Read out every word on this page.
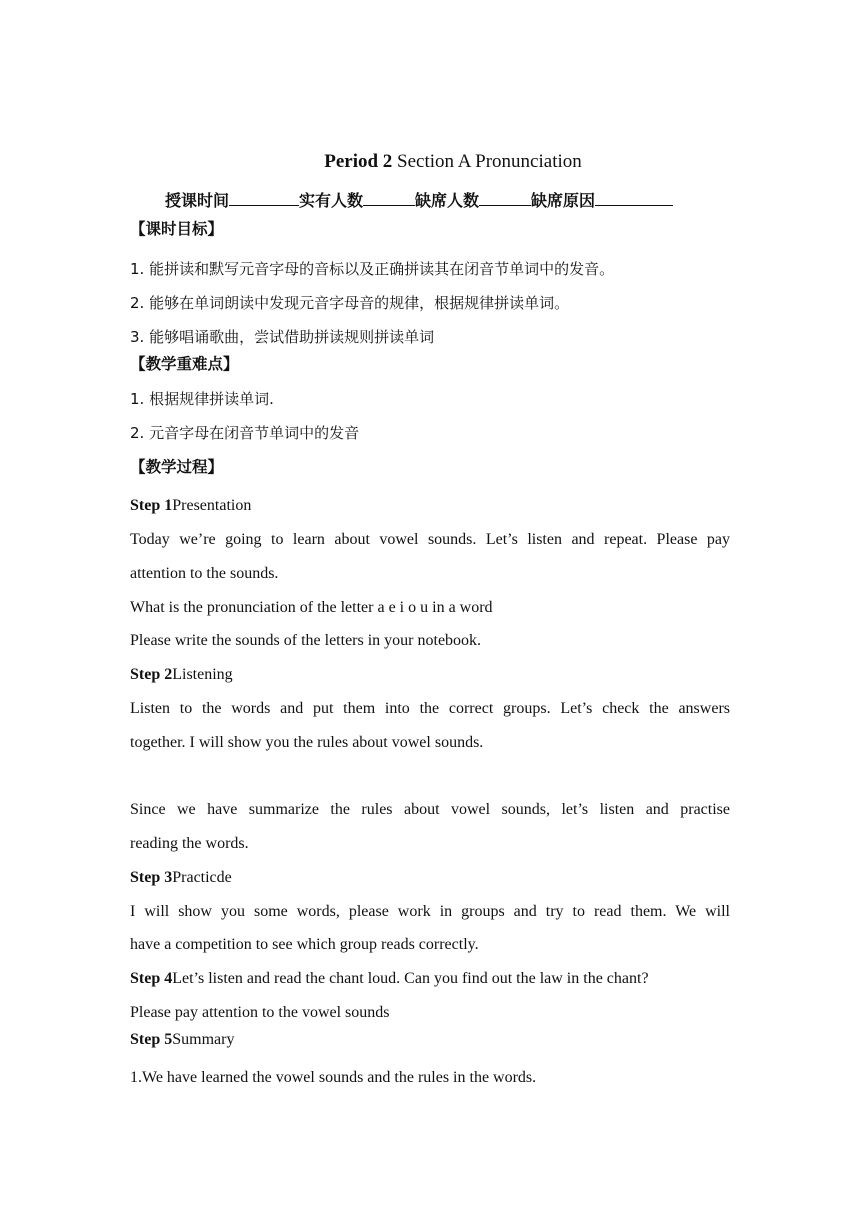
Period 2 Section A Pronunciation
授课时间	实有人数	缺席人数	缺席原因
【课时目标】
1. 能拼读和默写元音字母的音标以及正确拼读其在闭音节单词中的发音。
2. 能够在单词朗读中发现元音字母音的规律，根据规律拼读单词。
3. 能够唱诵歌曲，尝试借助拼读规则拼读单词
【教学重难点】
1. 根据规律拼读单词.
2. 元音字母在闭音节单词中的发音
【教学过程】
Step 1Presentation
Today we’re going to learn about vowel sounds. Let’s listen and repeat. Please pay
attention to the sounds.
What is the pronunciation of the letter a e i o u in a word
Please write the sounds of the letters in your notebook.
Step 2Listening
Listen to the words and put them into the correct groups. Let’s check the answers
together. I will show you the rules about vowel sounds.
Since we have summarize the rules about vowel sounds, let’s listen and practise
reading the words.
Step 3Practicde
I will show you some words, please work in groups and try to read them. We will
have a competition to see which group reads correctly.
Step 4Let’s listen and read the chant loud. Can you find out the law in the chant?
Please pay attention to the vowel sounds
Step 5Summary
1.We have learned the vowel sounds and the rules in the words.
